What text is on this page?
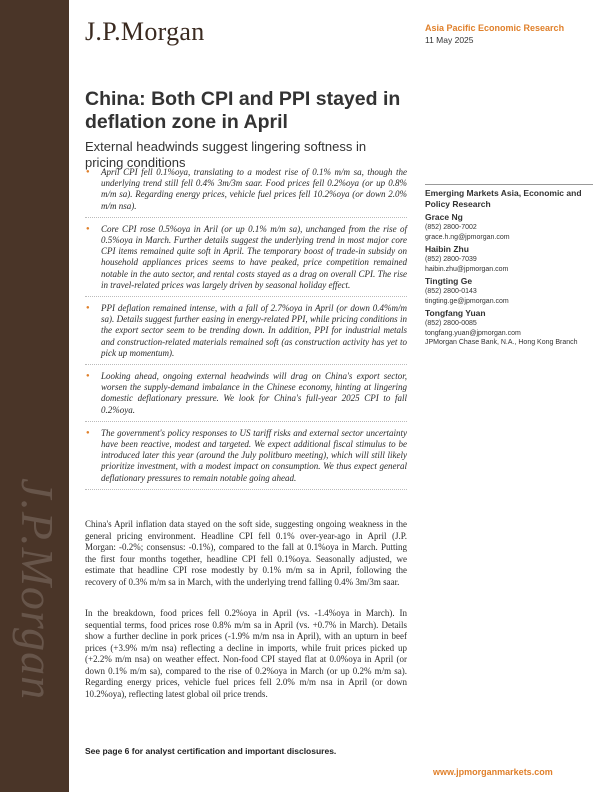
J.P.Morgan
J.P.Morgan	Asia Pacific Economic Research
11 May 2025
China: Both CPI and PPI stayed in deflation zone in April
External headwinds suggest lingering softness in pricing conditions
● April CPI fell 0.1%oya, translating to a modest rise of 0.1% m/m sa, though the underlying trend still fell 0.4% 3m/3m saar. Food prices fell 0.2%oya (or up 0.8% m/m sa). Regarding energy prices, vehicle fuel prices fell 10.2%oya (or down 2.0% m/m nsa).
● Core CPI rose 0.5%oya in Aril (or up 0.1% m/m sa), unchanged from the rise of 0.5%oya in March. Further details suggest the underlying trend in most major core CPI items remained quite soft in April. The temporary boost of trade-in subsidy on household appliances prices seems to have peaked, price competition remained notable in the auto sector, and rental costs stayed as a drag on overall CPI. The rise in travel-related prices was largely driven by seasonal holiday effect.
● PPI deflation remained intense, with a fall of 2.7%oya in April (or down 0.4%m/m sa). Details suggest further easing in energy-related PPI, while pricing conditions in the export sector seem to be trending down. In addition, PPI for industrial metals and construction-related materials remained soft (as construction activity has yet to pick up momentum).
● Looking ahead, ongoing external headwinds will drag on China's export sector, worsen the supply-demand imbalance in the Chinese economy, hinting at lingering domestic deflationary pressure. We look for China's full-year 2025 CPI to fall 0.2%oya.
● The government's policy responses to US tariff risks and external sector uncertainty have been reactive, modest and targeted. We expect additional fiscal stimulus to be introduced later this year (around the July politburo meeting), which will still likely prioritize investment, with a modest impact on consumption. We thus expect general deflationary pressures to remain notable going ahead.

China's April inflation data stayed on the soft side, suggesting ongoing weakness in the general pricing environment. Headline CPI fell 0.1% over-year-ago in April (J.P. Morgan: -0.2%; consensus: -0.1%), compared to the fall at 0.1%oya in March. Putting the first four months together, headline CPI fell 0.1%oya. Seasonally adjusted, we estimate that headline CPI rose modestly by 0.1% m/m sa in April, following the recovery of 0.3% m/m sa in March, with the underlying trend falling 0.4% 3m/3m saar.

In the breakdown, food prices fell 0.2%oya in April (vs. -1.4%oya in March). In sequential terms, food prices rose 0.8% m/m sa in April (vs. +0.7% in March). Details show a further decline in pork prices (-1.9% m/m nsa in April), with an upturn in beef prices (+3.9% m/m nsa) reflecting a decline in imports, while fruit prices picked up (+2.2% m/m nsa) on weather effect. Non-food CPI stayed flat at 0.0%oya in April (or down 0.1% m/m sa), compared to the rise of 0.2%oya in March (or up 0.2% m/m sa). Regarding energy prices, vehicle fuel prices fell 2.0% m/m nsa in April (or down 10.2%oya), reflecting latest global oil price trends.

Emerging Markets Asia, Economic and Policy Research
Grace Ng
(852) 2800-7002
grace.h.ng@jpmorgan.com
Haibin Zhu
(852) 2800-7039
haibin.zhu@jpmorgan.com
Tingting Ge
(852) 2800-0143
tingting.ge@jpmorgan.com
Tongfang Yuan
(852) 2800-0085
tongfang.yuan@jpmorgan.com
JPMorgan Chase Bank, N.A., Hong Kong Branch
See page 6 for analyst certification and important disclosures.
www.jpmorganmarkets.com
